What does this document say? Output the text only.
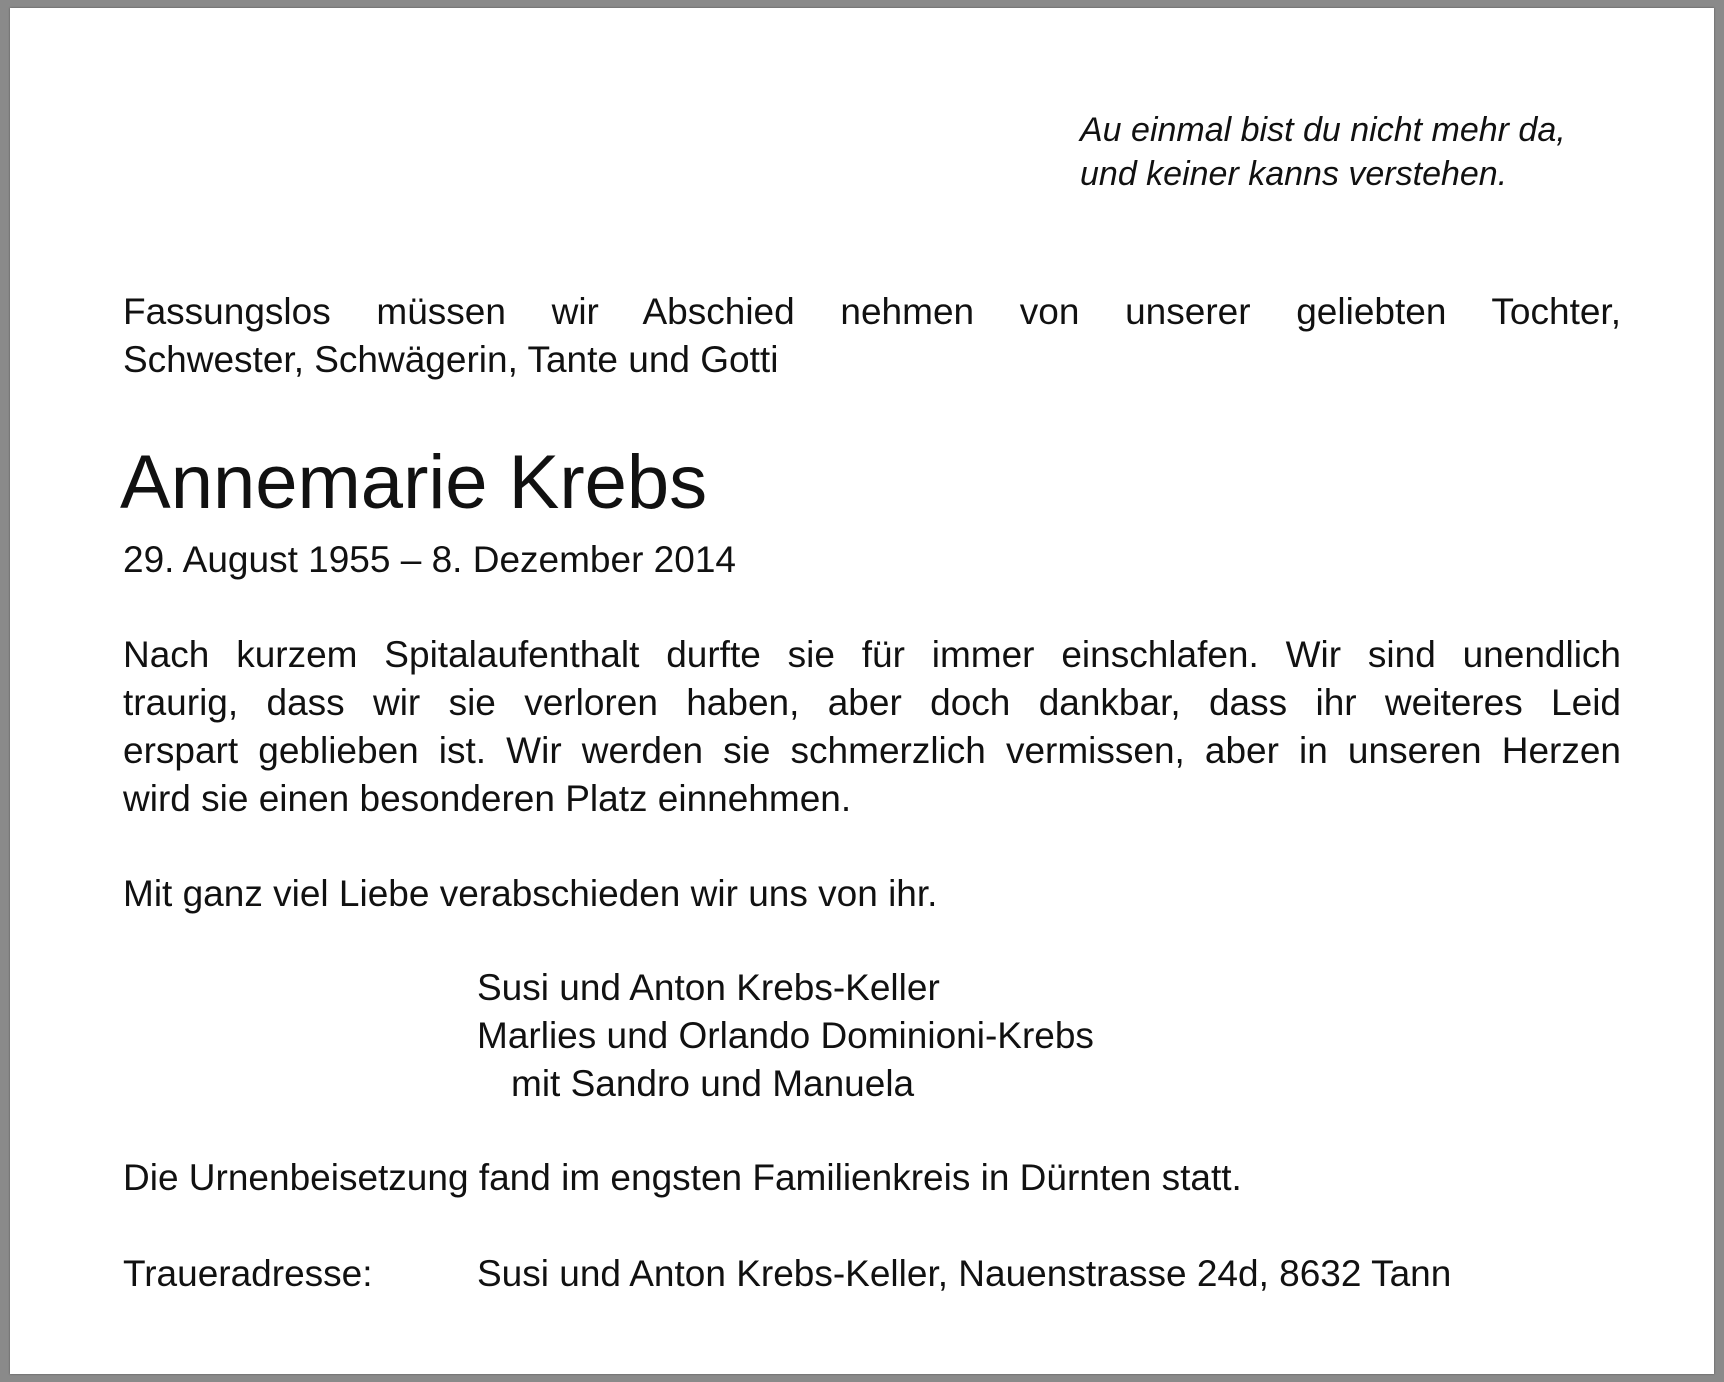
Au einmal bist du nicht mehr da,
und keiner kanns verstehen.
Fassungslos müssen wir Abschied nehmen von unserer geliebten Tochter,
Schwester, Schwägerin, Tante und Gotti
Annemarie Krebs
29. August 1955 – 8. Dezember 2014
Nach kurzem Spitalaufenthalt durfte sie für immer einschlafen. Wir sind unendlich
traurig, dass wir sie verloren haben, aber doch dankbar, dass ihr weiteres Leid
erspart geblieben ist. Wir werden sie schmerzlich vermissen, aber in unseren Herzen
wird sie einen besonderen Platz einnehmen.
Mit ganz viel Liebe verabschieden wir uns von ihr.
Susi und Anton Krebs-Keller
Marlies und Orlando Dominioni-Krebs
mit Sandro und Manuela
Die Urnenbeisetzung fand im engsten Familienkreis in Dürnten statt.
Traueradresse:	Susi und Anton Krebs-Keller, Nauenstrasse 24d, 8632 Tann
